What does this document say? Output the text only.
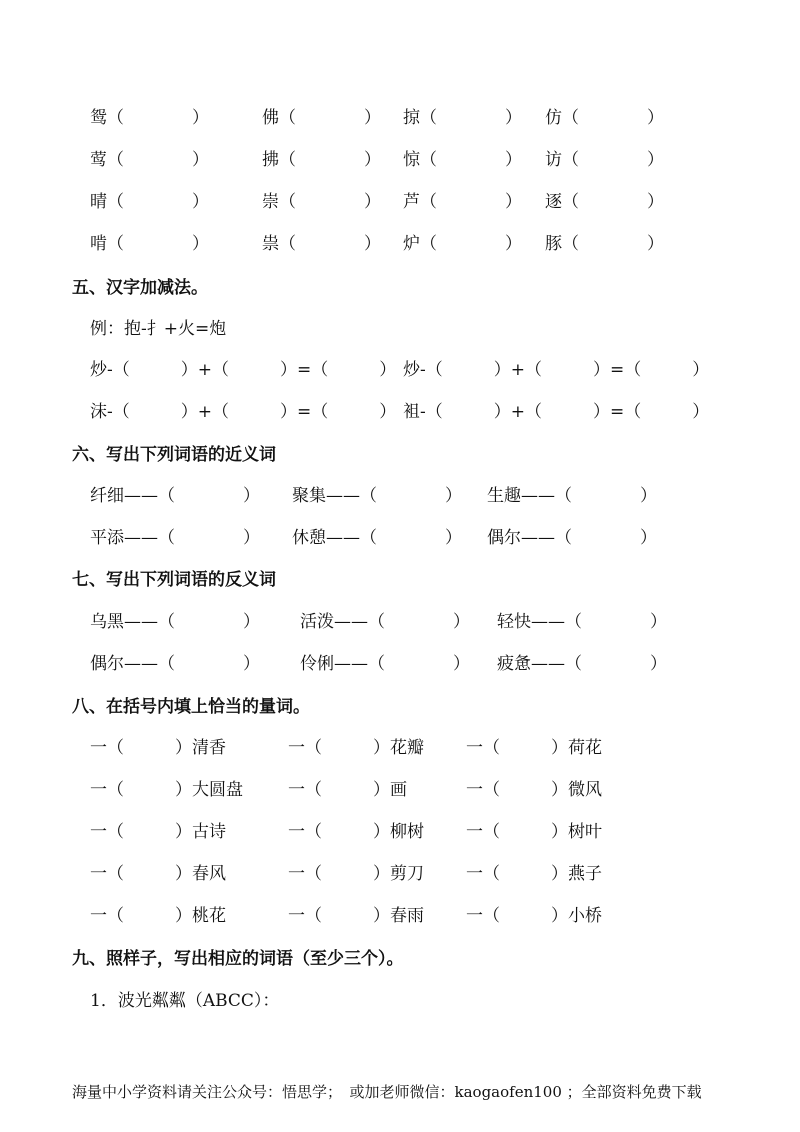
鸳（　　　　）	佛（　　　　） 掠（　　　　） 仿（　　　　）
莺（　　　　）	拂（　　　　） 惊（　　　　） 访（　　　　）
晴（　　　　）	崇（　　　　） 芦（　　　　） 逐（　　　　）
啃（　　　　）	祟（　　　　） 炉（　　　　） 豚（　　　　）
五、汉字加减法。
例：抱-扌+火=炮
炒-（　　　）+（　　　）=（　　　） 炒-（　　　）+（　　　）=（　　　）
沫-（　　　）+（　　　）=（　　　） 袓-（　　　）+（　　　）=（　　　）
六、写出下列词语的近义词
纤细——（　　　　） 聚集——（　　　　） 生趣——（　　　　）
平添——（　　　　） 休憩——（　　　　） 偶尔——（　　　　）
七、写出下列词语的反义词
乌黑——（　　　　） 活泼——（　　　　） 轻快——（　　　　）
偶尔——（　　　　） 伶俐——（　　　　） 疲惫——（　　　　）
八、在括号内填上恰当的量词。
一（　　　）清香	一（　　　）花瓣 一（　　　）荷花
一（　　　）大圆盘	一（　　　）画	一（　　　）微风
一（　　　）古诗	一（　　　）柳树 一（　　　）树叶
一（　　　）春风	一（　　　）剪刀 一（　　　）燕子
一（　　　）桃花	一（　　　）春雨 一（　　　）小桥
九、照样子，写出相应的词语（至少三个）。
1．波光粼粼（ABCC）：
海量中小学资料请关注公众号：悟思学；　或加老师微信：kaogaofen100 ；全部资料免费下载
